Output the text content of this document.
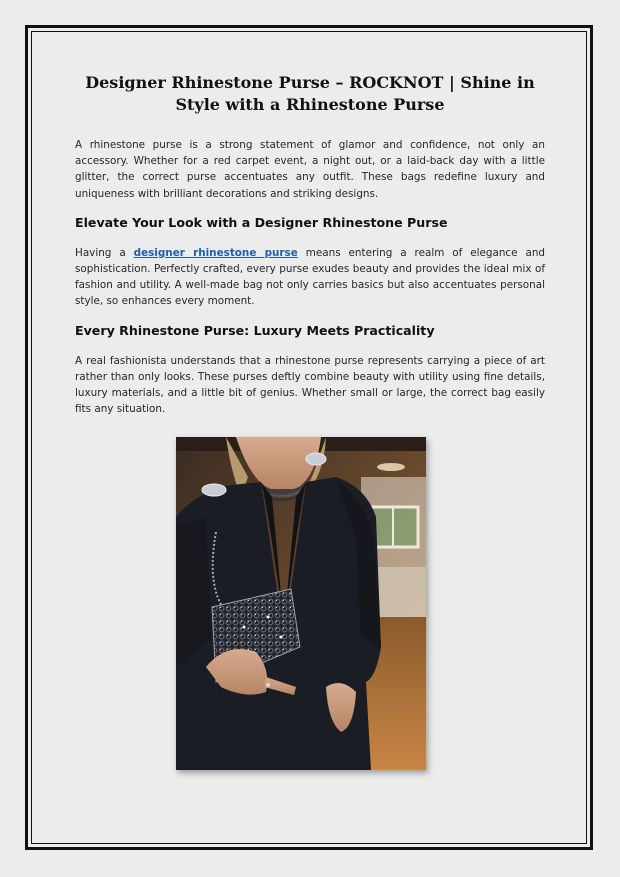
Designer Rhinestone Purse – ROCKNOT | Shine in Style with a Rhinestone Purse

A rhinestone purse is a strong statement of glamor and confidence, not only an accessory. Whether for a red carpet event, a night out, or a laid-back day with a little glitter, the correct purse accentuates any outfit. These bags redefine luxury and uniqueness with brilliant decorations and striking designs.

Elevate Your Look with a Designer Rhinestone Purse

Having a designer rhinestone purse means entering a realm of elegance and sophistication. Perfectly crafted, every purse exudes beauty and provides the ideal mix of fashion and utility. A well-made bag not only carries basics but also accentuates personal style, so enhances every moment.

Every Rhinestone Purse: Luxury Meets Practicality

A real fashionista understands that a rhinestone purse represents carrying a piece of art rather than only looks. These purses deftly combine beauty with utility using fine details, luxury materials, and a little bit of genius. Whether small or large, the correct bag easily fits any situation.
